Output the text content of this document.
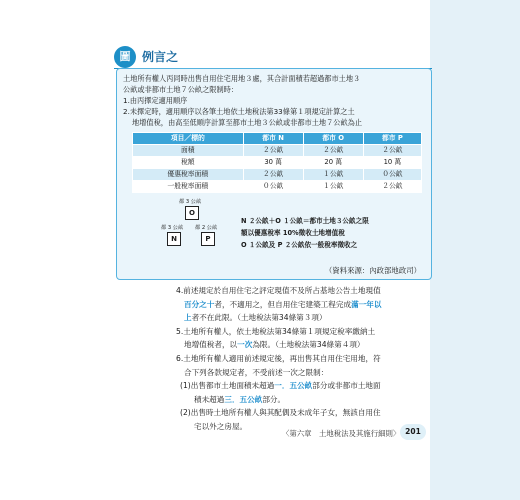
圖 例言之
土地所有權人丙同時出售自用住宅用地３處，其合計面積若超過都市土地３
公畝或非都市土地７公畝之限制時：
1.由丙擇定適用順序
2.未擇定時，適用順序以各筆土地依土地稅法第33條第１項規定計算之土
地增值稅，由高至低順序計算至都市土地３公畝或非都市土地７公畝為止
項目／標的	都市 N	都市 O	都市 P
面積	２公畝	２公畝	２公畝
稅額	30 萬	20 萬	10 萬
優惠稅率面積	２公畝	１公畝	０公畝
一般稅率面積	０公畝	１公畝	２公畝
都 3 公畝
O
都 3 公畝 都 2 公畝
N	P
N ２公畝＋O １公畝＝都市土地３公畝之限
額以優惠稅率 10%徵收土地增值稅
O １公畝及 P ２公畝依一般稅率徵收之
（資料來源：內政部地政司）
4.前述規定於自用住宅之評定現值不及所占基地公告土地現值
百分之十者，不適用之，但自用住宅建築工程完成滿一年以
上者不在此限。（土地稅法第34條第３項）
5.土地所有權人，依土地稅法第34條第１項規定稅率繳納土
地增值稅者，以一次為限。（土地稅法第34條第４項）
6.土地所有權人適用前述規定後，再出售其自用住宅用地，符
合下列各款規定者，不受前述一次之限制：
(1)出售都市土地面積未超過一．五公畝部分或非都市土地面
積未超過三．五公畝部分。
(2)出售時土地所有權人與其配偶及未成年子女，無該自用住
宅以外之房屋。
〈第六章　土地稅法及其施行細則〉 201
